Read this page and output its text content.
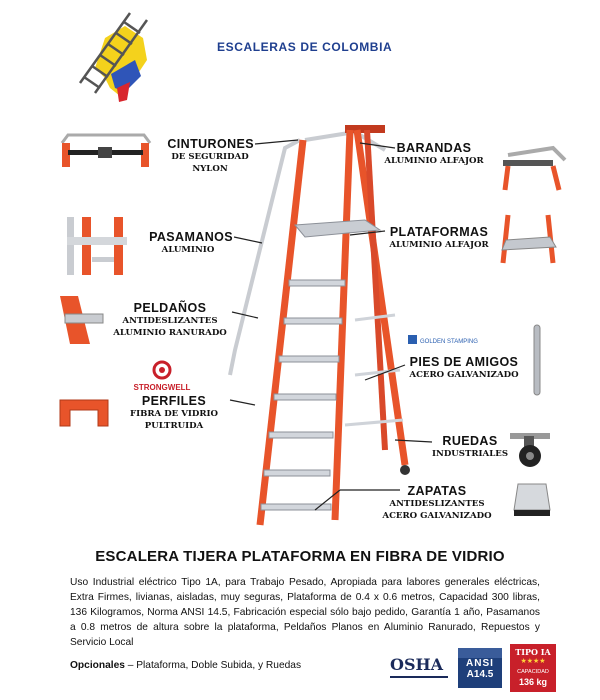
ESCALERAS DE COLOMBIA
STRONGWELL
GOLDEN STAMPING
CINTURONES
DE SEGURIDAD
NYLON
BARANDAS
ALUMINIO ALFAJOR
PASAMANOS
ALUMINIO
PLATAFORMAS
ALUMINIO ALFAJOR
PELDAÑOS
ANTIDESLIZANTES
ALUMINIO RANURADO
PIES DE AMIGOS
ACERO GALVANIZADO
PERFILES
FIBRA DE VIDRIO
PULTRUIDA
RUEDAS
INDUSTRIALES
ZAPATAS
ANTIDESLIZANTES
ACERO GALVANIZADO
ESCALERA TIJERA PLATAFORMA EN FIBRA DE VIDRIO
Uso Industrial eléctrico Tipo 1A, para Trabajo Pesado, Apropiada para labores generales eléctricas, Extra Firmes, livianas, aisladas, muy seguras, Plataforma de 0.4 x 0.6 metros, Capacidad 300 libras, 136 Kilogramos, Norma ANSI 14.5, Fabricación especial sólo bajo pedido, Garantía 1 año, Pasamanos a 0.8 metros de altura sobre la plataforma, Peldaños Planos en Aluminio Ranurado, Repuestos y Servicio Local
Opcionales – Plataforma, Doble Subida, y Ruedas	OSHA	ANSI
A14.5
TIPO IA
★★★★
CAPACIDAD
136 kg
